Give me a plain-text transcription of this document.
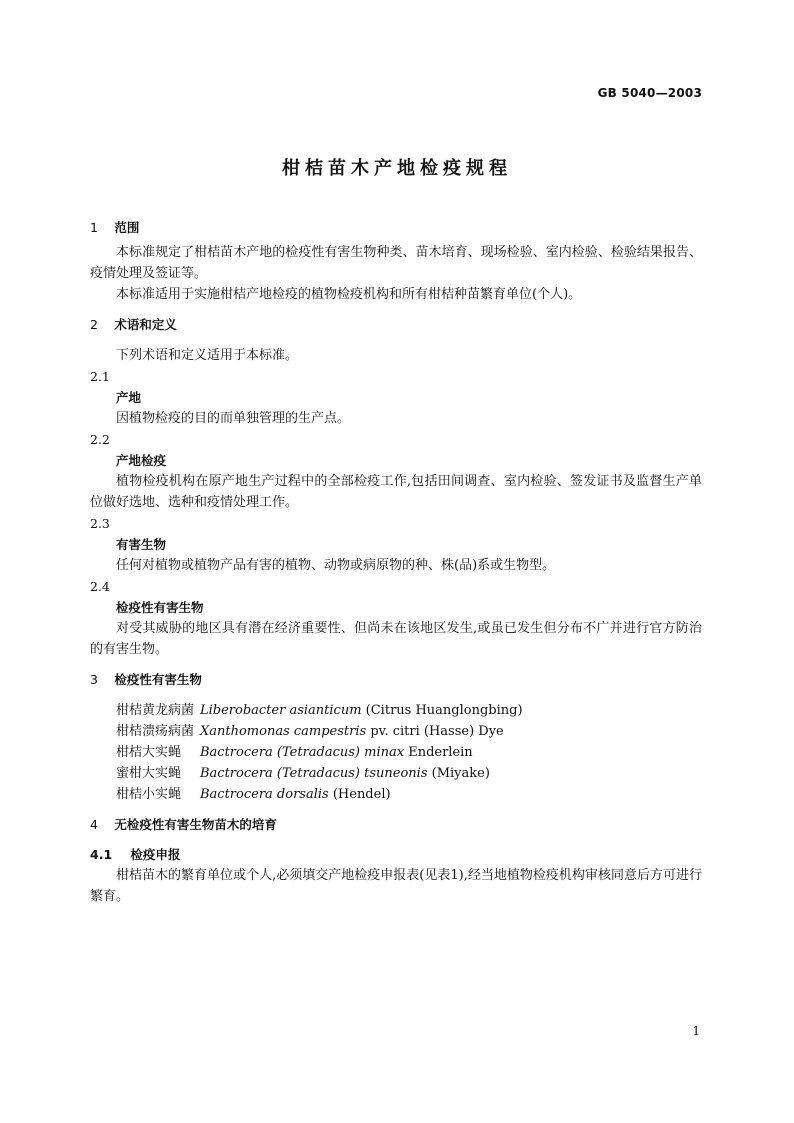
GB 5040—2003
柑桔苗木产地检疫规程

1 范围

本标准规定了柑桔苗木产地的检疫性有害生物种类、苗木培育、现场检验、室内检验、检验结果报告、疫情处理及签证等。

本标准适用于实施柑桔产地检疫的植物检疫机构和所有柑桔种苗繁育单位(个人)。

2 术语和定义

下列术语和定义适用于本标准。

2.1

产地

因植物检疫的目的而单独管理的生产点。

2.2

产地检疫

植物检疫机构在原产地生产过程中的全部检疫工作,包括田间调查、室内检验、签发证书及监督生产单位做好选地、选种和疫情处理工作。

2.3

有害生物

任何对植物或植物产品有害的植物、动物或病原物的种、株(品)系或生物型。

2.4

检疫性有害生物

对受其威胁的地区具有潜在经济重要性、但尚未在该地区发生,或虽已发生但分布不广并进行官方防治的有害生物。

3 检疫性有害生物

柑桔黄龙病菌 Liberobacter asianticum (Citrus Huanglongbing)
柑桔溃疡病菌 Xanthomonas campestris pv. citri (Hasse) Dye
柑桔大实蝇 Bactrocera (Tetradacus) minax Enderlein
蜜柑大实蝇 Bactrocera (Tetradacus) tsuneonis (Miyake)
柑桔小实蝇 Bactrocera dorsalis (Hendel)

4 无检疫性有害生物苗木的培育

4.1 检疫申报

柑桔苗木的繁育单位或个人,必须填交产地检疫申报表(见表1),经当地植物检疫机构审核同意后方可进行繁育。

1
